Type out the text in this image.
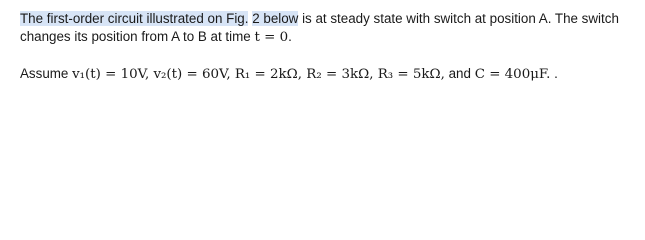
The first-order circuit illustrated on Fig. 2 below is at steady state with switch at position A. The switch
changes its position from A to B at time t = 0.
Assume v₁(t) = 10V, v₂(t) = 60V, R₁ = 2kΩ, R₂ = 3kΩ, R₃ = 5kΩ, and C = 400μF. .
